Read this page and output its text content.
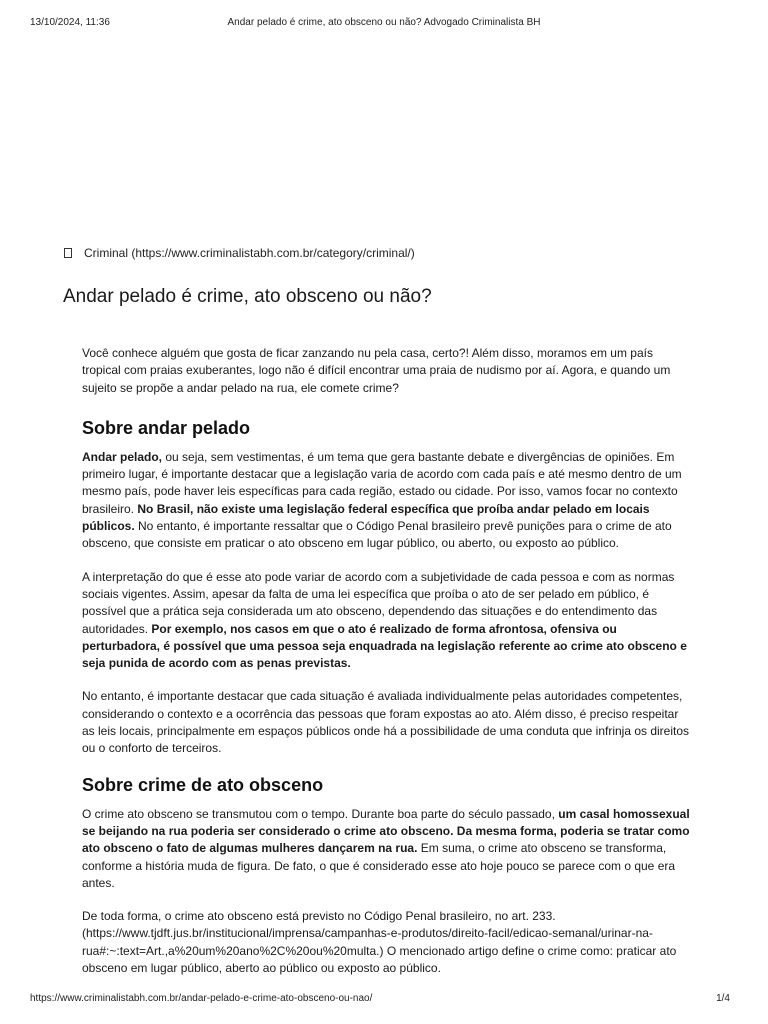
13/10/2024, 11:36	Andar pelado é crime, ato obsceno ou não? Advogado Criminalista BH
Criminal (https://www.criminalistabh.com.br/category/criminal/)
Andar pelado é crime, ato obsceno ou não?

Você conhece alguém que gosta de ficar zanzando nu pela casa, certo?! Além disso, moramos em um país tropical com praias exuberantes, logo não é difícil encontrar uma praia de nudismo por aí. Agora, e quando um sujeito se propõe a andar pelado na rua, ele comete crime?

Sobre andar pelado

Andar pelado, ou seja, sem vestimentas, é um tema que gera bastante debate e divergências de opiniões. Em primeiro lugar, é importante destacar que a legislação varia de acordo com cada país e até mesmo dentro de um mesmo país, pode haver leis específicas para cada região, estado ou cidade. Por isso, vamos focar no contexto brasileiro. No Brasil, não existe uma legislação federal específica que proíba andar pelado em locais públicos. No entanto, é importante ressaltar que o Código Penal brasileiro prevê punições para o crime de ato obsceno, que consiste em praticar o ato obsceno em lugar público, ou aberto, ou exposto ao público.

A interpretação do que é esse ato pode variar de acordo com a subjetividade de cada pessoa e com as normas sociais vigentes. Assim, apesar da falta de uma lei específica que proíba o ato de ser pelado em público, é possível que a prática seja considerada um ato obsceno, dependendo das situações e do entendimento das autoridades. Por exemplo, nos casos em que o ato é realizado de forma afrontosa, ofensiva ou perturbadora, é possível que uma pessoa seja enquadrada na legislação referente ao crime ato obsceno e seja punida de acordo com as penas previstas.

No entanto, é importante destacar que cada situação é avaliada individualmente pelas autoridades competentes, considerando o contexto e a ocorrência das pessoas que foram expostas ao ato. Além disso, é preciso respeitar as leis locais, principalmente em espaços públicos onde há a possibilidade de uma conduta que infrinja os direitos ou o conforto de terceiros.

Sobre crime de ato obsceno

O crime ato obsceno se transmutou com o tempo. Durante boa parte do século passado, um casal homossexual se beijando na rua poderia ser considerado o crime ato obsceno. Da mesma forma, poderia se tratar como ato obsceno o fato de algumas mulheres dançarem na rua. Em suma, o crime ato obsceno se transforma, conforme a história muda de figura. De fato, o que é considerado esse ato hoje pouco se parece com o que era antes.

De toda forma, o crime ato obsceno está previsto no Código Penal brasileiro, no art. 233. (https://www.tjdft.jus.br/institucional/imprensa/campanhas-e-produtos/direito-facil/edicao-semanal/urinar-na-rua#:~:text=Art.,a%20um%20ano%2C%20ou%20multa.) O mencionado artigo define o crime como: praticar ato obsceno em lugar público, aberto ao público ou exposto ao público.

https://www.criminalistabh.com.br/andar-pelado-e-crime-ato-obsceno-ou-nao/	1/4
